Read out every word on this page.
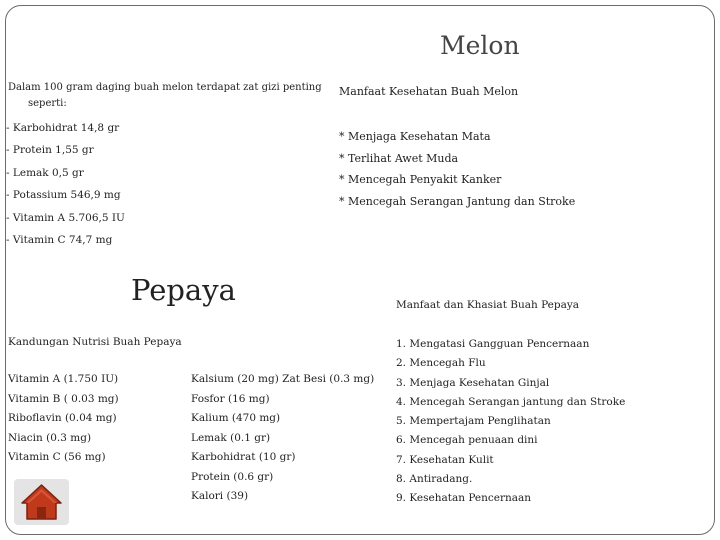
Melon
Dalam 100 gram daging buah melon terdapat zat gizi penting
seperti:
- Karbohidrat 14,8 gr
- Protein 1,55 gr
- Lemak 0,5 gr
- Potassium 546,9 mg
- Vitamin A 5.706,5 IU
- Vitamin C 74,7 mg
Manfaat Kesehatan Buah Melon
* Menjaga Kesehatan Mata
* Terlihat Awet Muda
* Mencegah Penyakit Kanker
* Mencegah Serangan Jantung dan Stroke
Pepaya
Kandungan Nutrisi Buah Pepaya
Vitamin A (1.750 IU)
Vitamin B ( 0.03 mg)
Riboflavin (0.04 mg)
Niacin (0.3 mg)
Vitamin C (56 mg)
Kalsium (20 mg) Zat Besi (0.3 mg)
Fosfor (16 mg)
Kalium (470 mg)
Lemak (0.1 gr)
Karbohidrat (10 gr)
Protein (0.6 gr)
Kalori (39)
Manfaat dan Khasiat Buah Pepaya
1. Mengatasi Gangguan Pencernaan
2. Mencegah Flu
3. Menjaga Kesehatan Ginjal
4. Mencegah Serangan jantung dan Stroke
5. Mempertajam Penglihatan
6. Mencegah penuaan dini
7. Kesehatan Kulit
8. Antiradang.
9. Kesehatan Pencernaan
